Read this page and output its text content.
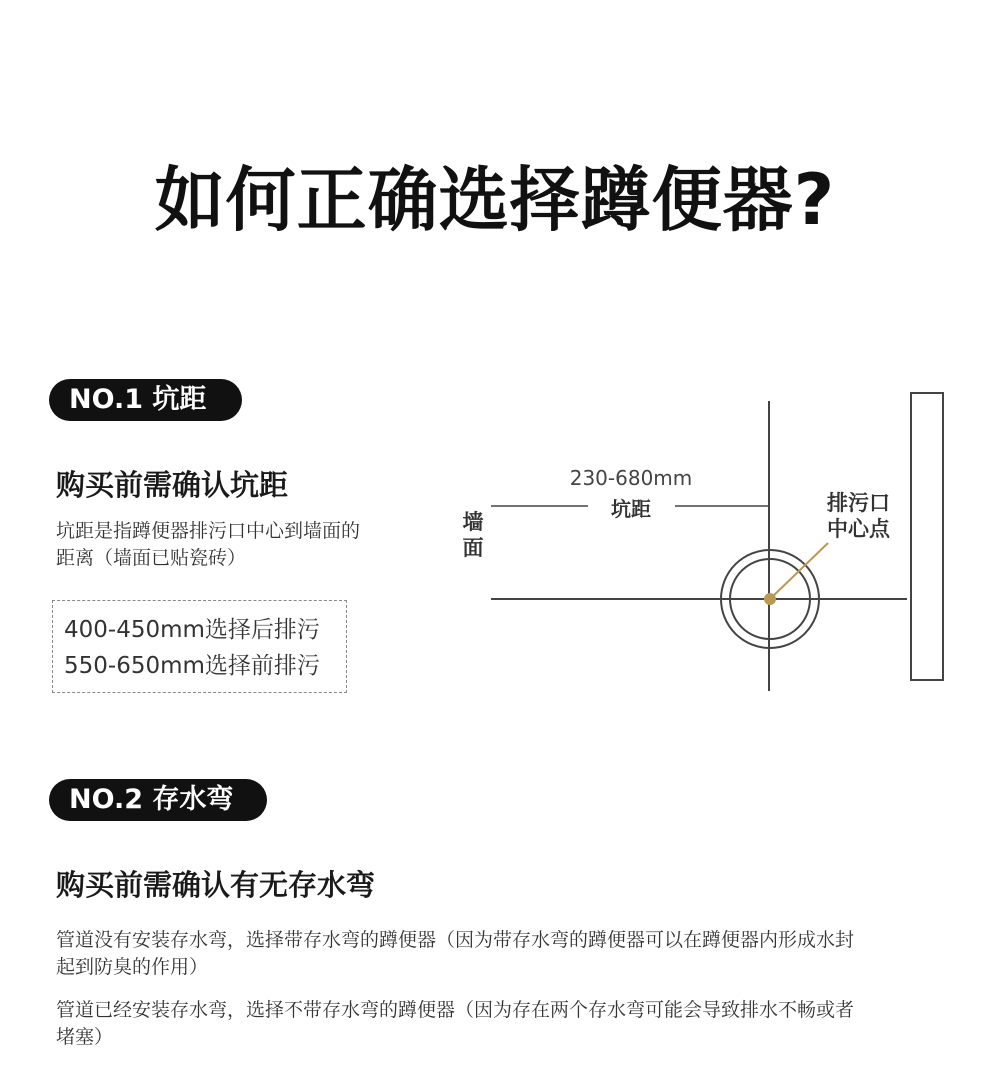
如何正确选择蹲便器?
NO.1 坑距
购买前需确认坑距
坑距是指蹲便器排污口中心到墙面的
距离（墙面已贴瓷砖）
400-450mm选择后排污
550-650mm选择前排污
230-680mm
坑距
墙面
排污口
中心点
NO.2 存水弯
购买前需确认有无存水弯
管道没有安装存水弯，选择带存水弯的蹲便器（因为带存水弯的蹲便器可以在蹲便器内形成水封
起到防臭的作用）
管道已经安装存水弯，选择不带存水弯的蹲便器（因为存在两个存水弯可能会导致排水不畅或者
堵塞）
